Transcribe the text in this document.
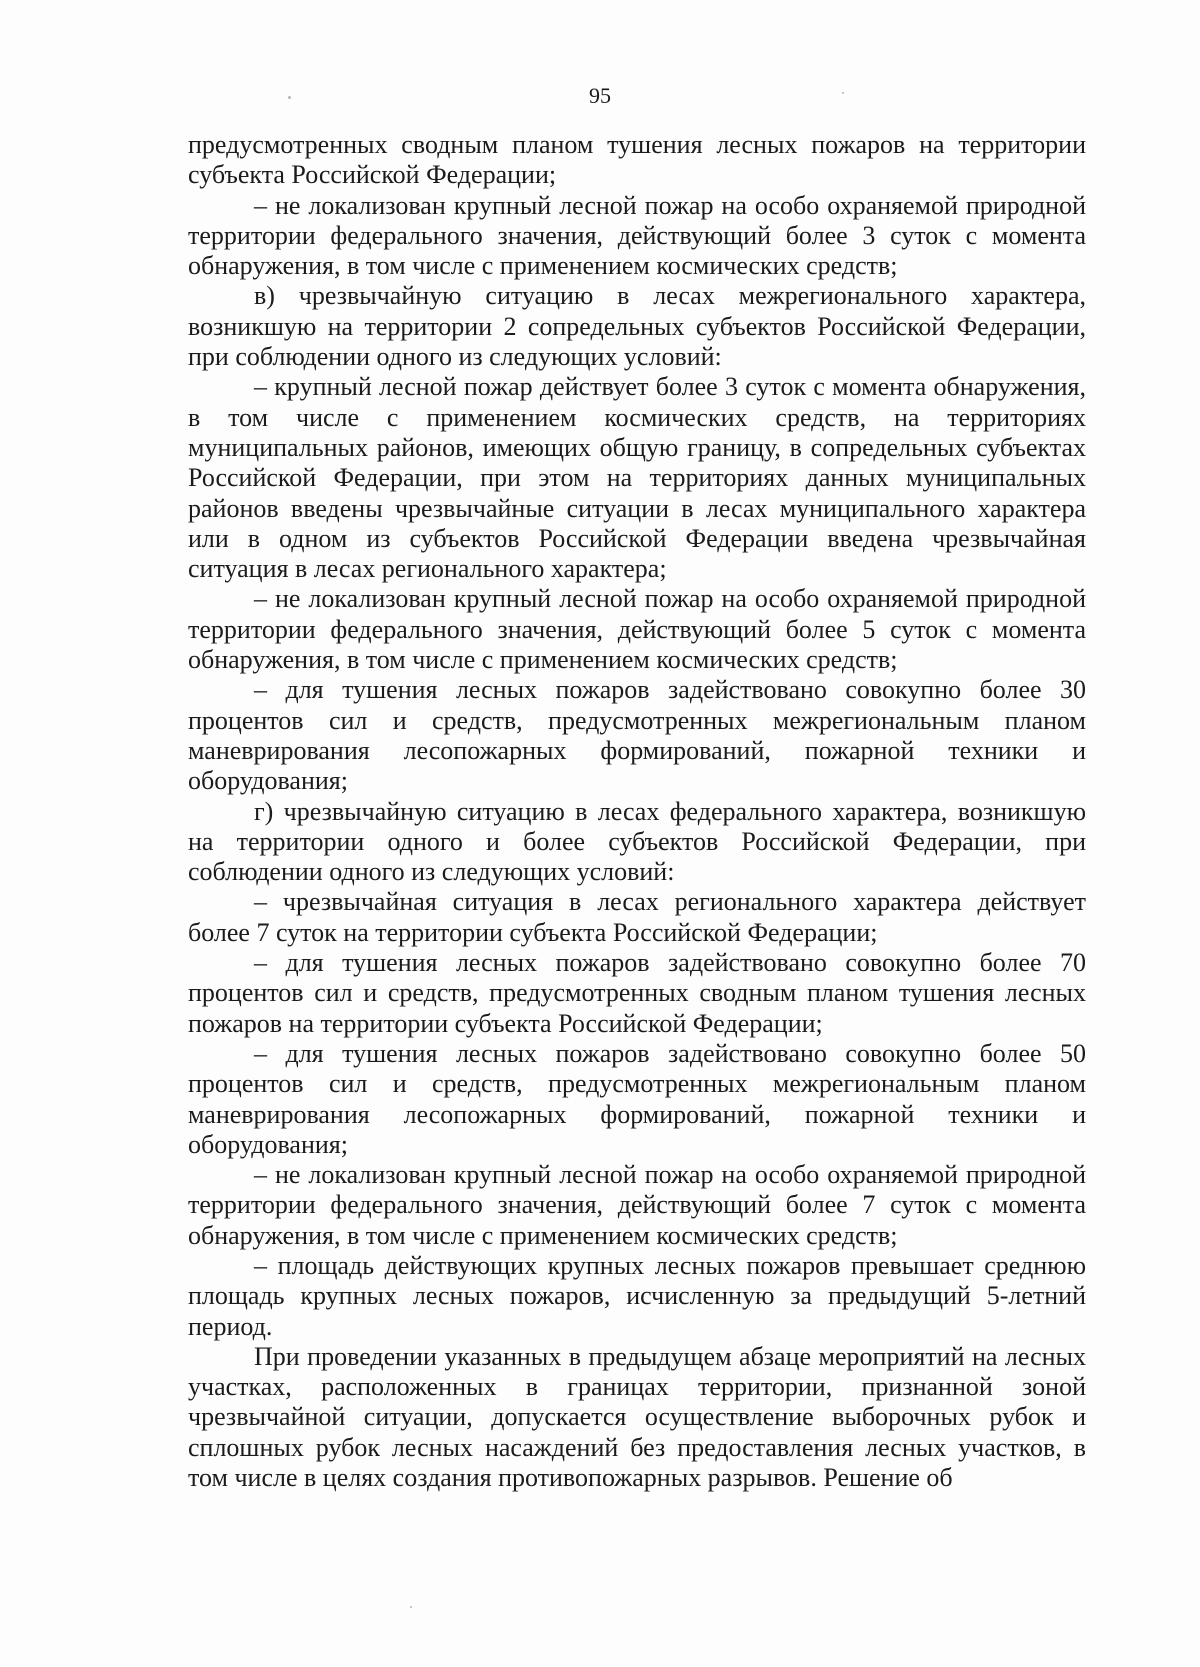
95

предусмотренных сводным планом тушения лесных пожаров на территории субъекта Российской Федерации;

– не локализован крупный лесной пожар на особо охраняемой природной территории федерального значения, действующий более 3 суток с момента обнаружения, в том числе с применением космических средств;

в) чрезвычайную ситуацию в лесах межрегионального характера, возникшую на территории 2 сопредельных субъектов Российской Федерации, при соблюдении одного из следующих условий:

– крупный лесной пожар действует более 3 суток с момента обнаружения, в том числе с применением космических средств, на территориях муниципальных районов, имеющих общую границу, в сопредельных субъектах Российской Федерации, при этом на территориях данных муниципальных районов введены чрезвычайные ситуации в лесах муниципального характера или в одном из субъектов Российской Федерации введена чрезвычайная ситуация в лесах регионального характера;

– не локализован крупный лесной пожар на особо охраняемой природной территории федерального значения, действующий более 5 суток с момента обнаружения, в том числе с применением космических средств;

– для тушения лесных пожаров задействовано совокупно более 30 процентов сил и средств, предусмотренных межрегиональным планом маневрирования лесопожарных формирований, пожарной техники и оборудования;

г) чрезвычайную ситуацию в лесах федерального характера, возникшую на территории одного и более субъектов Российской Федерации, при соблюдении одного из следующих условий:

– чрезвычайная ситуация в лесах регионального характера действует более 7 суток на территории субъекта Российской Федерации;

– для тушения лесных пожаров задействовано совокупно более 70 процентов сил и средств, предусмотренных сводным планом тушения лесных пожаров на территории субъекта Российской Федерации;

– для тушения лесных пожаров задействовано совокупно более 50 процентов сил и средств, предусмотренных межрегиональным планом маневрирования лесопожарных формирований, пожарной техники и оборудования;

– не локализован крупный лесной пожар на особо охраняемой природной территории федерального значения, действующий более 7 суток с момента обнаружения, в том числе с применением космических средств;

– площадь действующих крупных лесных пожаров превышает среднюю площадь крупных лесных пожаров, исчисленную за предыдущий 5-летний период.

При проведении указанных в предыдущем абзаце мероприятий на лесных участках, расположенных в границах территории, признанной зоной чрезвычайной ситуации, допускается осуществление выборочных рубок и сплошных рубок лесных насаждений без предоставления лесных участков, в том числе в целях создания противопожарных разрывов. Решение об
